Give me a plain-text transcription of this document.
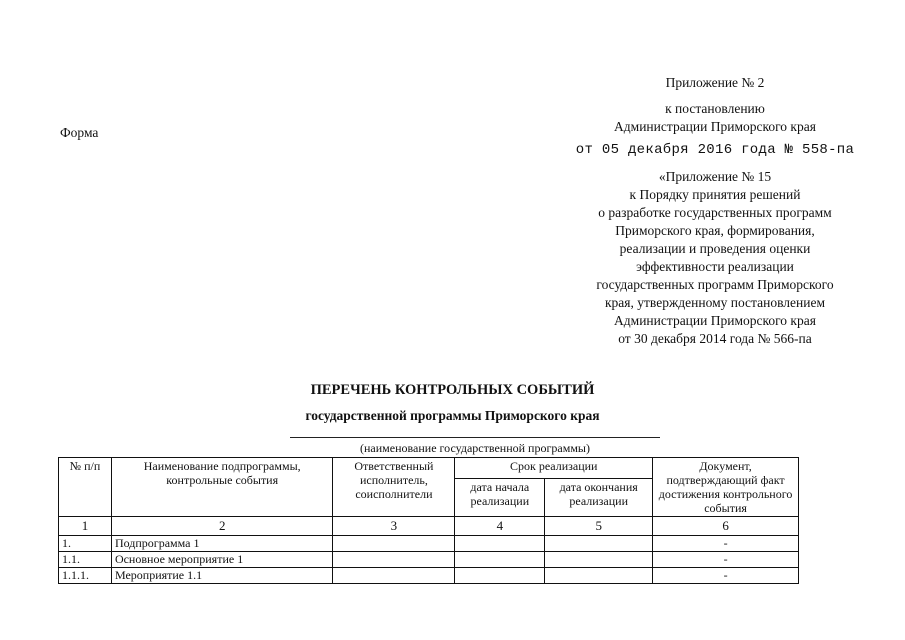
Приложение № 2
к постановлению
Администрации Приморского края
от 05 декабря 2016 года № 558-па
Форма
«Приложение № 15
к Порядку принятия решений
о разработке государственных программ
Приморского края, формирования,
реализации и проведения оценки
эффективности реализации
государственных программ Приморского
края, утвержденному постановлением
Администрации Приморского края
от 30 декабря 2014 года № 566-па
ПЕРЕЧЕНЬ КОНТРОЛЬНЫХ СОБЫТИЙ
государственной программы Приморского края
(наименование государственной программы)
№ п/п	Наименование подпрограммы, контрольные события	Ответственный исполнитель, соисполнители	Срок реализации		Документ, подтверждающий факт достижения контрольного события
			дата начала реализации	дата окончания реализации	
1	2	3	4	5	6
1.	Подпрограмма 1				-
1.1.	Основное мероприятие 1				-
1.1.1.	Мероприятие 1.1				-
